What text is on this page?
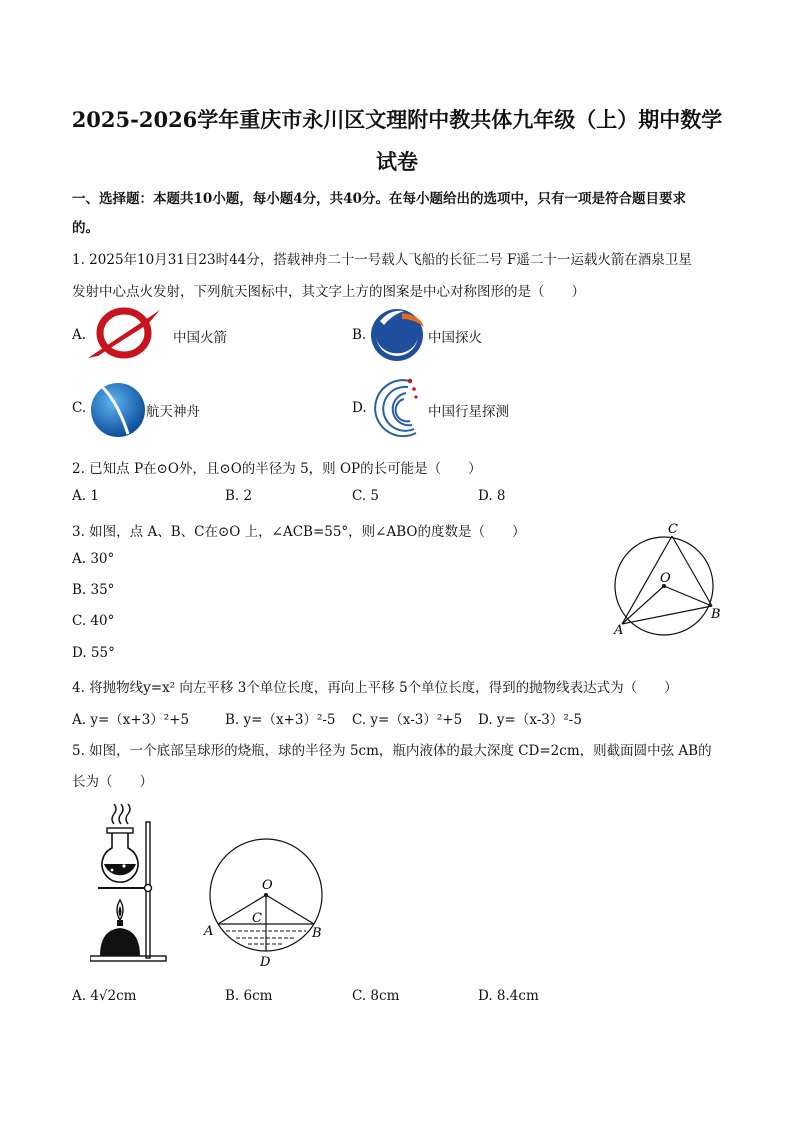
2025-2026学年重庆市永川区文理附中教共体九年级（上）期中数学
试卷
一、选择题：本题共10小题，每小题4分，共40分。在每小题给出的选项中，只有一项是符合题目要求
的。
1. 2025年10月31日23时44分，搭载神舟二十一号载人飞船的长征二号 F遥二十一运载火箭在酒泉卫星
发射中心点火发射，下列航天图标中，其文字上方的图案是中心对称图形的是（　　）
A.	中国火箭	B.	中国探火
C.	航天神舟	D.	中国行星探测
2. 已知点 P在⊙O外，且⊙O的半径为 5，则 OP的长可能是（　　）
A. 1	B. 2	C. 5	D. 8
3. 如图，点 A、B、C在⊙O 上，∠ACB=55°，则∠ABO的度数是（　　）
A. 30°
B. 35°
C. 40°
D. 55°
C
O
A
B
4. 将抛物线y=x² 向左平移 3个单位长度，再向上平移 5个单位长度，得到的抛物线表达式为（　　）
A. y=（x+3）²+5	B. y=（x+3）²-5 C. y=（x-3）²+5 D. y=（x-3）²-5
5. 如图，一个底部呈球形的烧瓶，球的半径为 5cm，瓶内液体的最大深度 CD=2cm，则截面圆中弦 AB的
长为（　　）
O
C
A	B
D
A. 4√2cm	B. 6cm	C. 8cm	D. 8.4cm
